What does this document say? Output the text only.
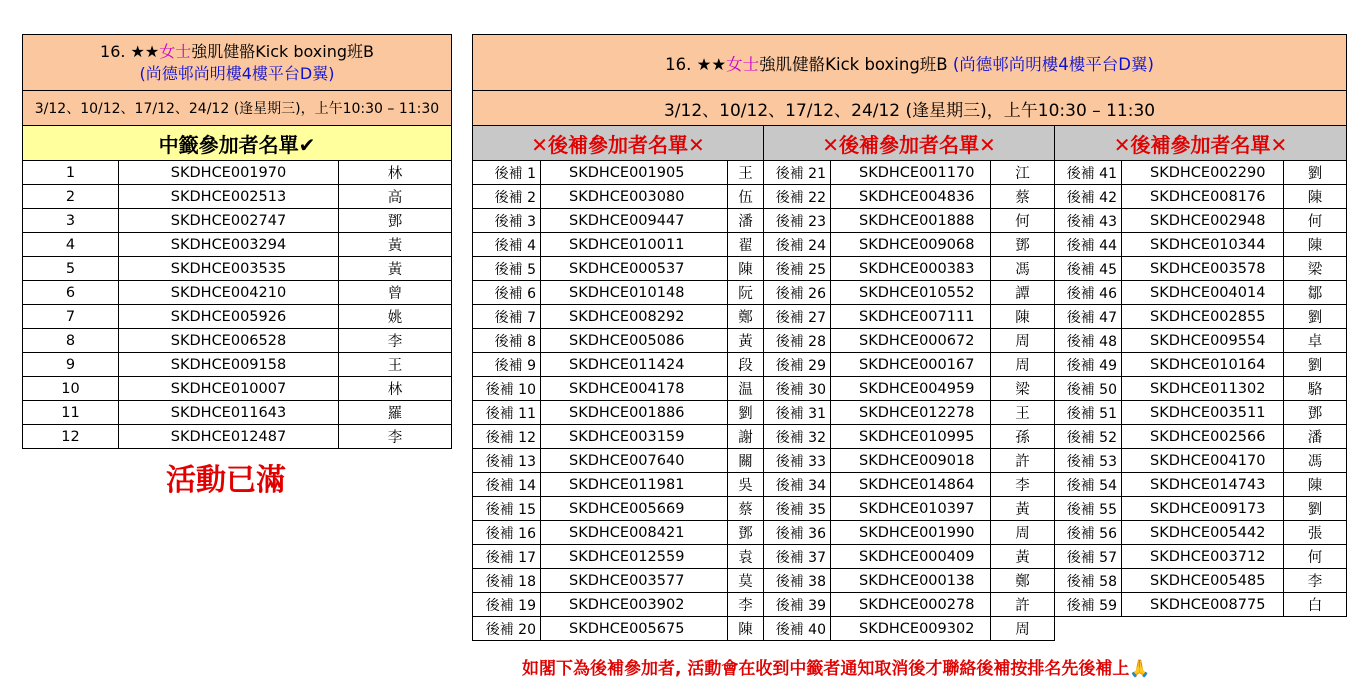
16. ★★女士強肌健骼Kick boxing班B
(尚德邨尚明樓4樓平台D翼)		
3/12、10/12、17/12、24/12 (逢星期三)，上午10:30 – 11:30		
中籤參加者名單✔		
1	SKDHCE001970	林
2	SKDHCE002513	高
3	SKDHCE002747	鄧
4	SKDHCE003294	黃
5	SKDHCE003535	黃
6	SKDHCE004210	曾
7	SKDHCE005926	姚
8	SKDHCE006528	李
9	SKDHCE009158	王
10	SKDHCE010007	林
11	SKDHCE011643	羅
12	SKDHCE012487	李
活動已滿
16. ★★女士強肌健骼Kick boxing班B (尚德邨尚明樓4樓平台D翼)								
3/12、10/12、17/12、24/12 (逢星期三)，上午10:30 – 11:30								
✕後補參加者名單✕			✕後補參加者名單✕			✕後補參加者名單✕		
後補 1	SKDHCE001905	王	後補 21	SKDHCE001170	江	後補 41	SKDHCE002290	劉
後補 2	SKDHCE003080	伍	後補 22	SKDHCE004836	蔡	後補 42	SKDHCE008176	陳
後補 3	SKDHCE009447	潘	後補 23	SKDHCE001888	何	後補 43	SKDHCE002948	何
後補 4	SKDHCE010011	翟	後補 24	SKDHCE009068	鄧	後補 44	SKDHCE010344	陳
後補 5	SKDHCE000537	陳	後補 25	SKDHCE000383	馮	後補 45	SKDHCE003578	梁
後補 6	SKDHCE010148	阮	後補 26	SKDHCE010552	譚	後補 46	SKDHCE004014	鄒
後補 7	SKDHCE008292	鄭	後補 27	SKDHCE007111	陳	後補 47	SKDHCE002855	劉
後補 8	SKDHCE005086	黃	後補 28	SKDHCE000672	周	後補 48	SKDHCE009554	卓
後補 9	SKDHCE011424	段	後補 29	SKDHCE000167	周	後補 49	SKDHCE010164	劉
後補 10	SKDHCE004178	温	後補 30	SKDHCE004959	梁	後補 50	SKDHCE011302	駱
後補 11	SKDHCE001886	劉	後補 31	SKDHCE012278	王	後補 51	SKDHCE003511	鄧
後補 12	SKDHCE003159	謝	後補 32	SKDHCE010995	孫	後補 52	SKDHCE002566	潘
後補 13	SKDHCE007640	關	後補 33	SKDHCE009018	許	後補 53	SKDHCE004170	馮
後補 14	SKDHCE011981	吳	後補 34	SKDHCE014864	李	後補 54	SKDHCE014743	陳
後補 15	SKDHCE005669	蔡	後補 35	SKDHCE010397	黃	後補 55	SKDHCE009173	劉
後補 16	SKDHCE008421	鄧	後補 36	SKDHCE001990	周	後補 56	SKDHCE005442	張
後補 17	SKDHCE012559	袁	後補 37	SKDHCE000409	黃	後補 57	SKDHCE003712	何
後補 18	SKDHCE003577	莫	後補 38	SKDHCE000138	鄭	後補 58	SKDHCE005485	李
後補 19	SKDHCE003902	李	後補 39	SKDHCE000278	許	後補 59	SKDHCE008775	白
後補 20	SKDHCE005675	陳	後補 40	SKDHCE009302	周			
如閣下為後補參加者, 活動會在收到中籤者通知取消後才聯絡後補按排名先後補上🙏
